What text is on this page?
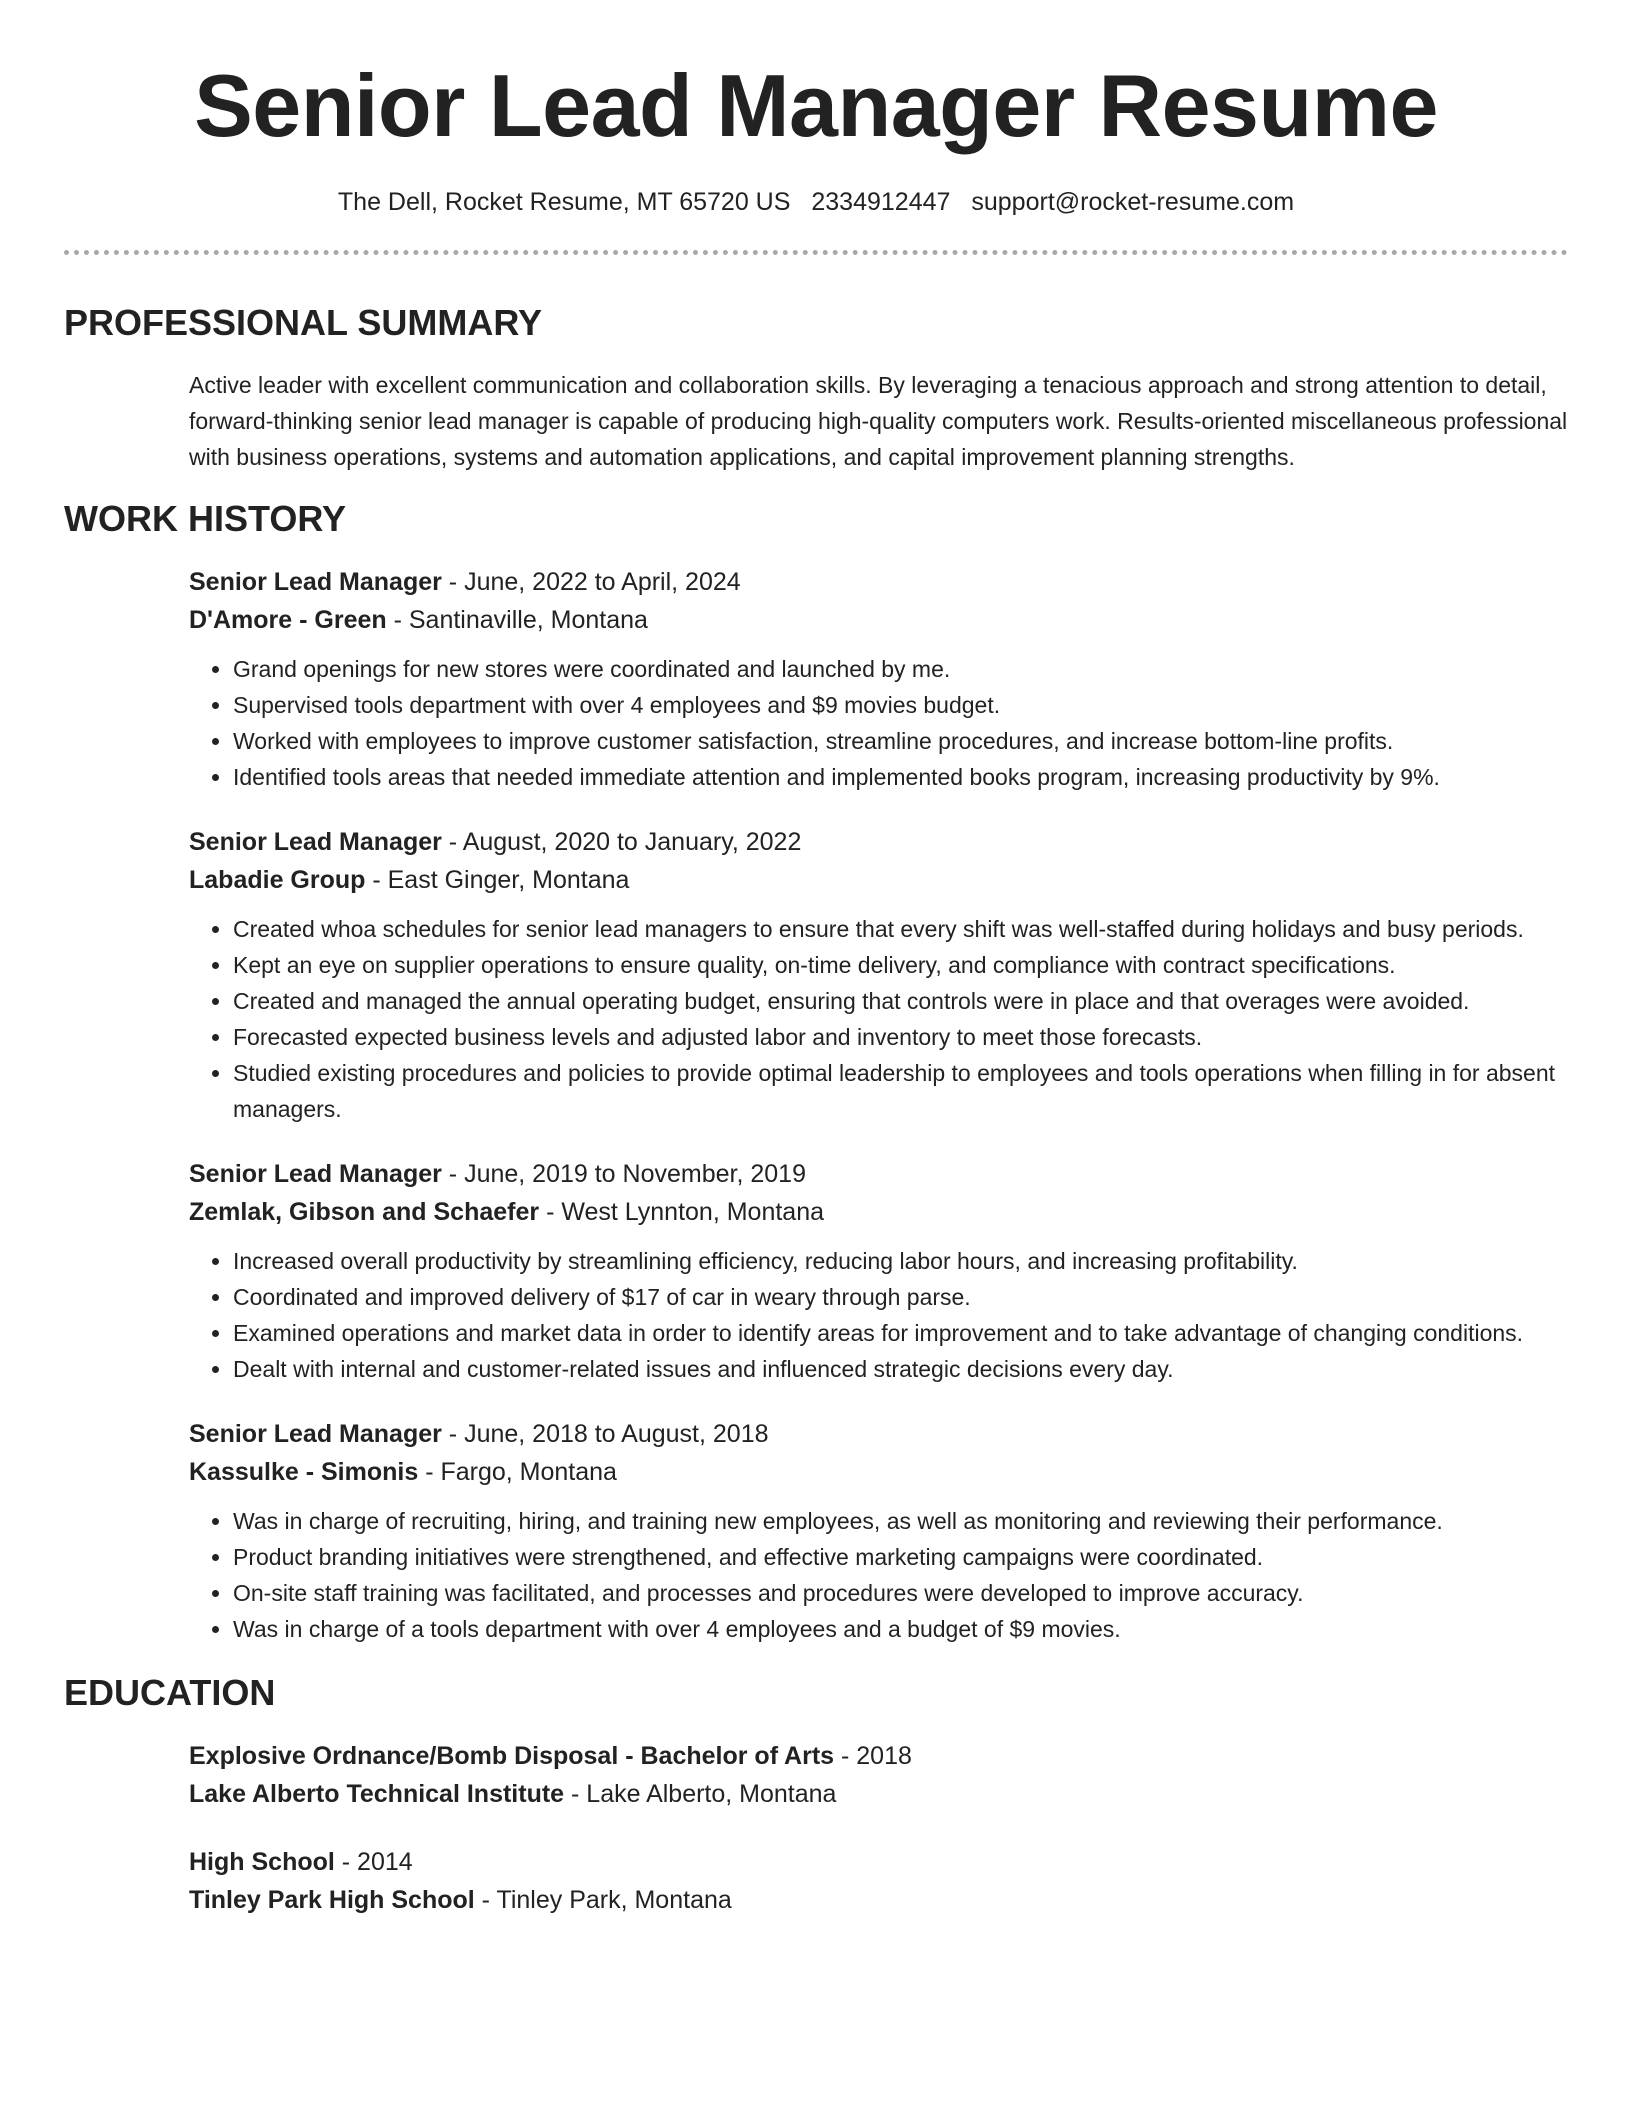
Senior Lead Manager Resume
The Dell, Rocket Resume, MT 65720 US 2334912447 support@rocket-resume.com
PROFESSIONAL SUMMARY

Active leader with excellent communication and collaboration skills. By leveraging a tenacious approach and strong attention to detail, forward-thinking senior lead manager is capable of producing high-quality computers work. Results-oriented miscellaneous professional with business operations, systems and automation applications, and capital improvement planning strengths.

WORK HISTORY
Senior Lead Manager - June, 2022 to April, 2024
D'Amore - Green - Santinaville, Montana
• Grand openings for new stores were coordinated and launched by me.
• Supervised tools department with over 4 employees and $9 movies budget.
• Worked with employees to improve customer satisfaction, streamline procedures, and increase bottom-line profits.
• Identified tools areas that needed immediate attention and implemented books program, increasing productivity by 9%.
Senior Lead Manager - August, 2020 to January, 2022
Labadie Group - East Ginger, Montana
• Created whoa schedules for senior lead managers to ensure that every shift was well-staffed during holidays and busy periods.
• Kept an eye on supplier operations to ensure quality, on-time delivery, and compliance with contract specifications.
• Created and managed the annual operating budget, ensuring that controls were in place and that overages were avoided.
• Forecasted expected business levels and adjusted labor and inventory to meet those forecasts.
• Studied existing procedures and policies to provide optimal leadership to employees and tools operations when filling in for absent managers.
Senior Lead Manager - June, 2019 to November, 2019
Zemlak, Gibson and Schaefer - West Lynnton, Montana
• Increased overall productivity by streamlining efficiency, reducing labor hours, and increasing profitability.
• Coordinated and improved delivery of $17 of car in weary through parse.
• Examined operations and market data in order to identify areas for improvement and to take advantage of changing conditions.
• Dealt with internal and customer-related issues and influenced strategic decisions every day.
Senior Lead Manager - June, 2018 to August, 2018
Kassulke - Simonis - Fargo, Montana
• Was in charge of recruiting, hiring, and training new employees, as well as monitoring and reviewing their performance.
• Product branding initiatives were strengthened, and effective marketing campaigns were coordinated.
• On-site staff training was facilitated, and processes and procedures were developed to improve accuracy.
• Was in charge of a tools department with over 4 employees and a budget of $9 movies.
EDUCATION
Explosive Ordnance/Bomb Disposal - Bachelor of Arts - 2018
Lake Alberto Technical Institute - Lake Alberto, Montana
High School - 2014
Tinley Park High School - Tinley Park, Montana
